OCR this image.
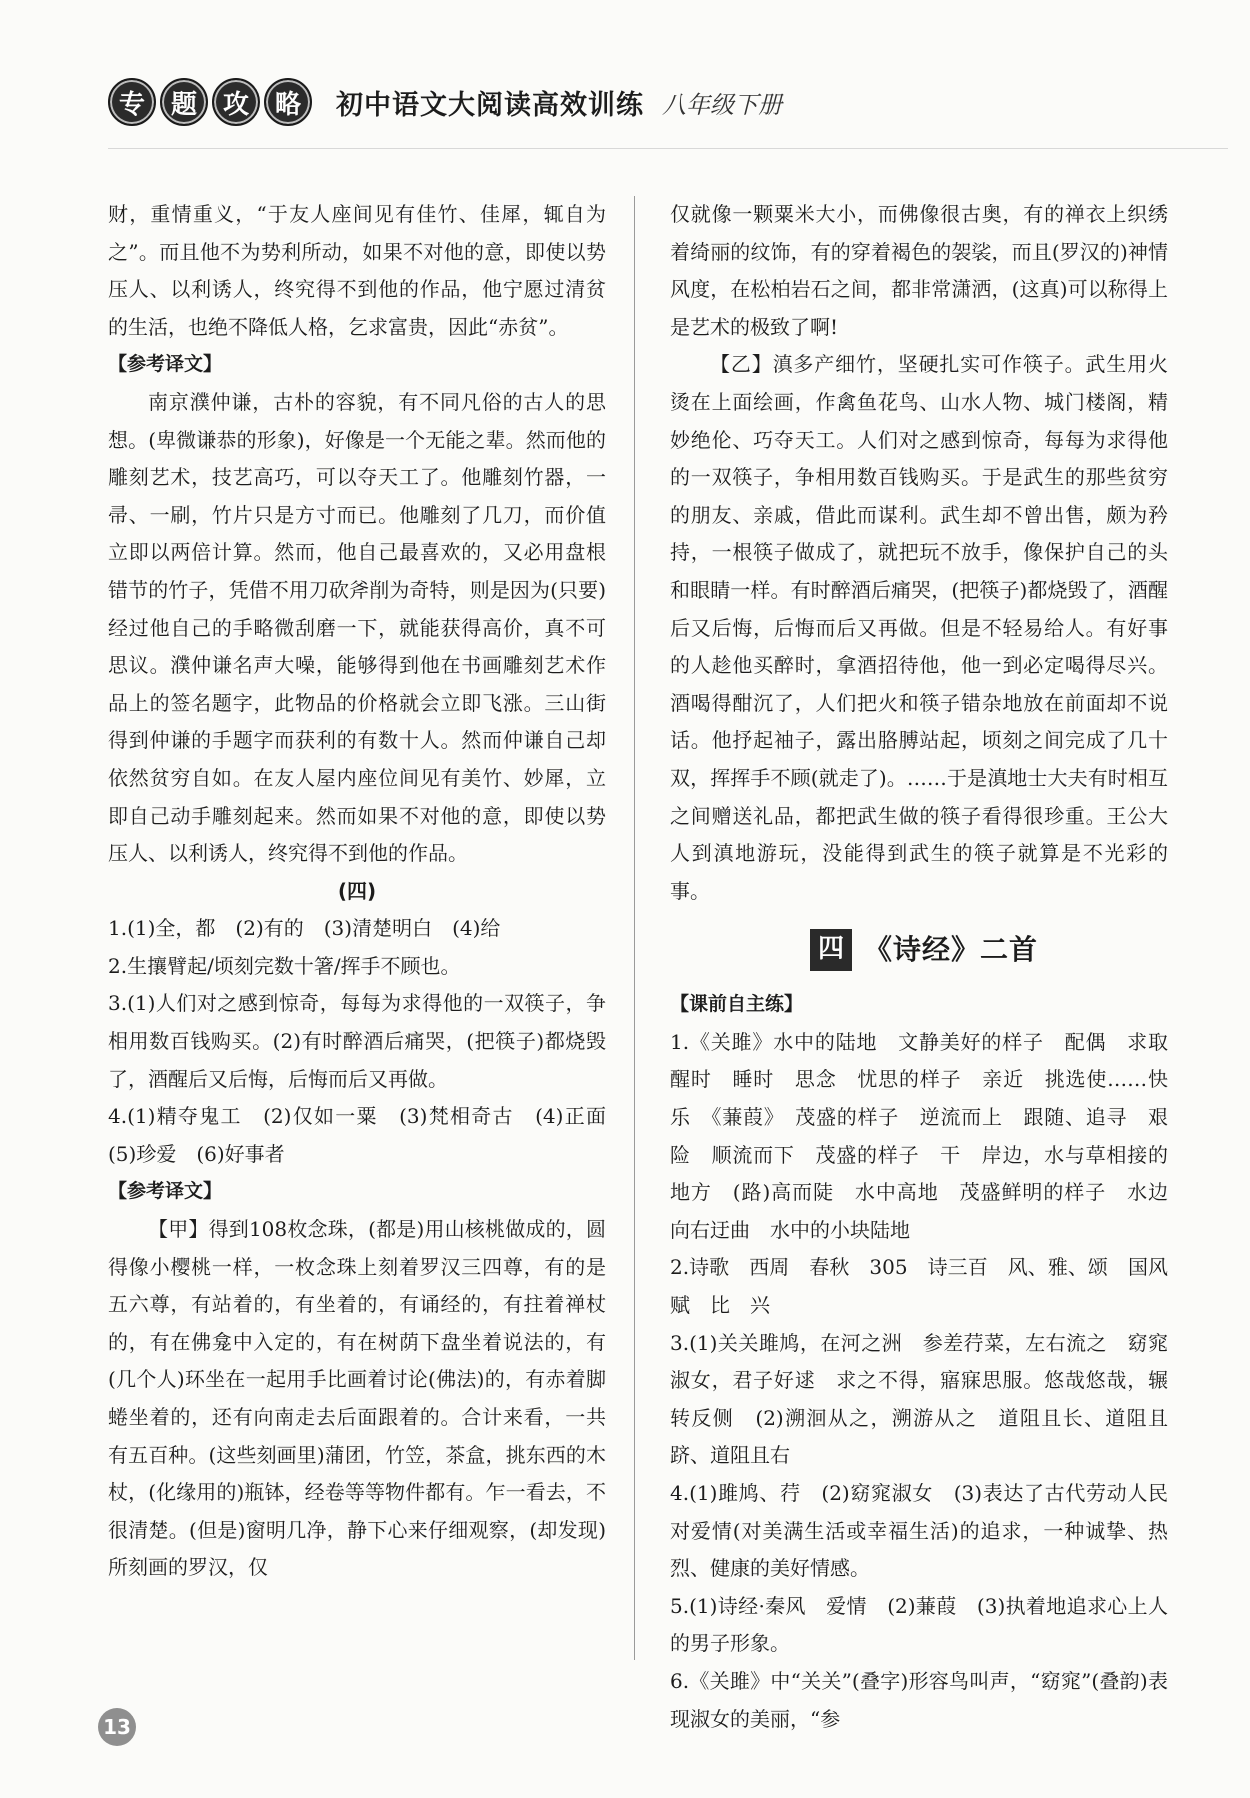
专 题 攻 略	初中语文大阅读高效训练 八年级下册

财，重情重义，“于友人座间见有佳竹、佳犀，辄自为之”。而且他不为势利所动，如果不对他的意，即使以势压人、以利诱人，终究得不到他的作品，他宁愿过清贫的生活，也绝不降低人格，乞求富贵，因此“赤贫”。

【参考译文】

南京濮仲谦，古朴的容貌，有不同凡俗的古人的思想。(卑微谦恭的形象)，好像是一个无能之辈。然而他的雕刻艺术，技艺高巧，可以夺天工了。他雕刻竹器，一帚、一刷，竹片只是方寸而已。他雕刻了几刀，而价值立即以两倍计算。然而，他自己最喜欢的，又必用盘根错节的竹子，凭借不用刀砍斧削为奇特，则是因为(只要)经过他自己的手略微刮磨一下，就能获得高价，真不可思议。濮仲谦名声大噪，能够得到他在书画雕刻艺术作品上的签名题字，此物品的价格就会立即飞涨。三山街得到仲谦的手题字而获利的有数十人。然而仲谦自己却依然贫穷自如。在友人屋内座位间见有美竹、妙犀，立即自己动手雕刻起来。然而如果不对他的意，即使以势压人、以利诱人，终究得不到他的作品。

(四)

1.(1)全，都　(2)有的　(3)清楚明白　(4)给

2.生攘臂起/顷刻完数十箸/挥手不顾也。

3.(1)人们对之感到惊奇，每每为求得他的一双筷子，争相用数百钱购买。(2)有时醉酒后痛哭，(把筷子)都烧毁了，酒醒后又后悔，后悔而后又再做。

4.(1)精夺鬼工　(2)仅如一粟　(3)梵相奇古　(4)正面　(5)珍爱　(6)好事者

【参考译文】

【甲】得到108枚念珠，(都是)用山核桃做成的，圆得像小樱桃一样，一枚念珠上刻着罗汉三四尊，有的是五六尊，有站着的，有坐着的，有诵经的，有拄着禅杖的，有在佛龛中入定的，有在树荫下盘坐着说法的，有(几个人)环坐在一起用手比画着讨论(佛法)的，有赤着脚蜷坐着的，还有向南走去后面跟着的。合计来看，一共有五百种。(这些刻画里)蒲团，竹笠，茶盒，挑东西的木杖，(化缘用的)瓶钵，经卷等等物件都有。乍一看去，不很清楚。(但是)窗明几净，静下心来仔细观察，(却发现)所刻画的罗汉，仅

仅就像一颗粟米大小，而佛像很古奥，有的禅衣上织绣着绮丽的纹饰，有的穿着褐色的袈裟，而且(罗汉的)神情风度，在松柏岩石之间，都非常潇洒，(这真)可以称得上是艺术的极致了啊!

【乙】滇多产细竹，坚硬扎实可作筷子。武生用火烫在上面绘画，作禽鱼花鸟、山水人物、城门楼阁，精妙绝伦、巧夺天工。人们对之感到惊奇，每每为求得他的一双筷子，争相用数百钱购买。于是武生的那些贫穷的朋友、亲戚，借此而谋利。武生却不曾出售，颇为矜持，一根筷子做成了，就把玩不放手，像保护自己的头和眼睛一样。有时醉酒后痛哭，(把筷子)都烧毁了，酒醒后又后悔，后悔而后又再做。但是不轻易给人。有好事的人趁他买醉时，拿酒招待他，他一到必定喝得尽兴。酒喝得酣沉了，人们把火和筷子错杂地放在前面却不说话。他抒起袖子，露出胳膊站起，顷刻之间完成了几十双，挥挥手不顾(就走了)。……于是滇地士大夫有时相互之间赠送礼品，都把武生做的筷子看得很珍重。王公大人到滇地游玩，没能得到武生的筷子就算是不光彩的事。

四 《诗经》二首

【课前自主练】

1.《关雎》水中的陆地　文静美好的样子　配偶　求取　醒时　睡时　思念　忧思的样子　亲近　挑选使……快乐　《蒹葭》　茂盛的样子　逆流而上　跟随、追寻　艰险　顺流而下　茂盛的样子　干　岸边，水与草相接的地方　(路)高而陡　水中高地　茂盛鲜明的样子　水边　向右迂曲　水中的小块陆地

2.诗歌　西周　春秋　305　诗三百　风、雅、颂　国风　赋　比　兴

3.(1)关关雎鸠，在河之洲　参差荇菜，左右流之　窈窕淑女，君子好逑　求之不得，寤寐思服。悠哉悠哉，辗转反侧　(2)溯洄从之，溯游从之　道阻且长、道阻且跻、道阻且右

4.(1)雎鸠、荇　(2)窈窕淑女　(3)表达了古代劳动人民对爱情(对美满生活或幸福生活)的追求，一种诚挚、热烈、健康的美好情感。

5.(1)诗经·秦风　爱情　(2)蒹葭　(3)执着地追求心上人的男子形象。

6.《关雎》中“关关”(叠字)形容鸟叫声，“窈窕”(叠韵)表现淑女的美丽，“参

13
